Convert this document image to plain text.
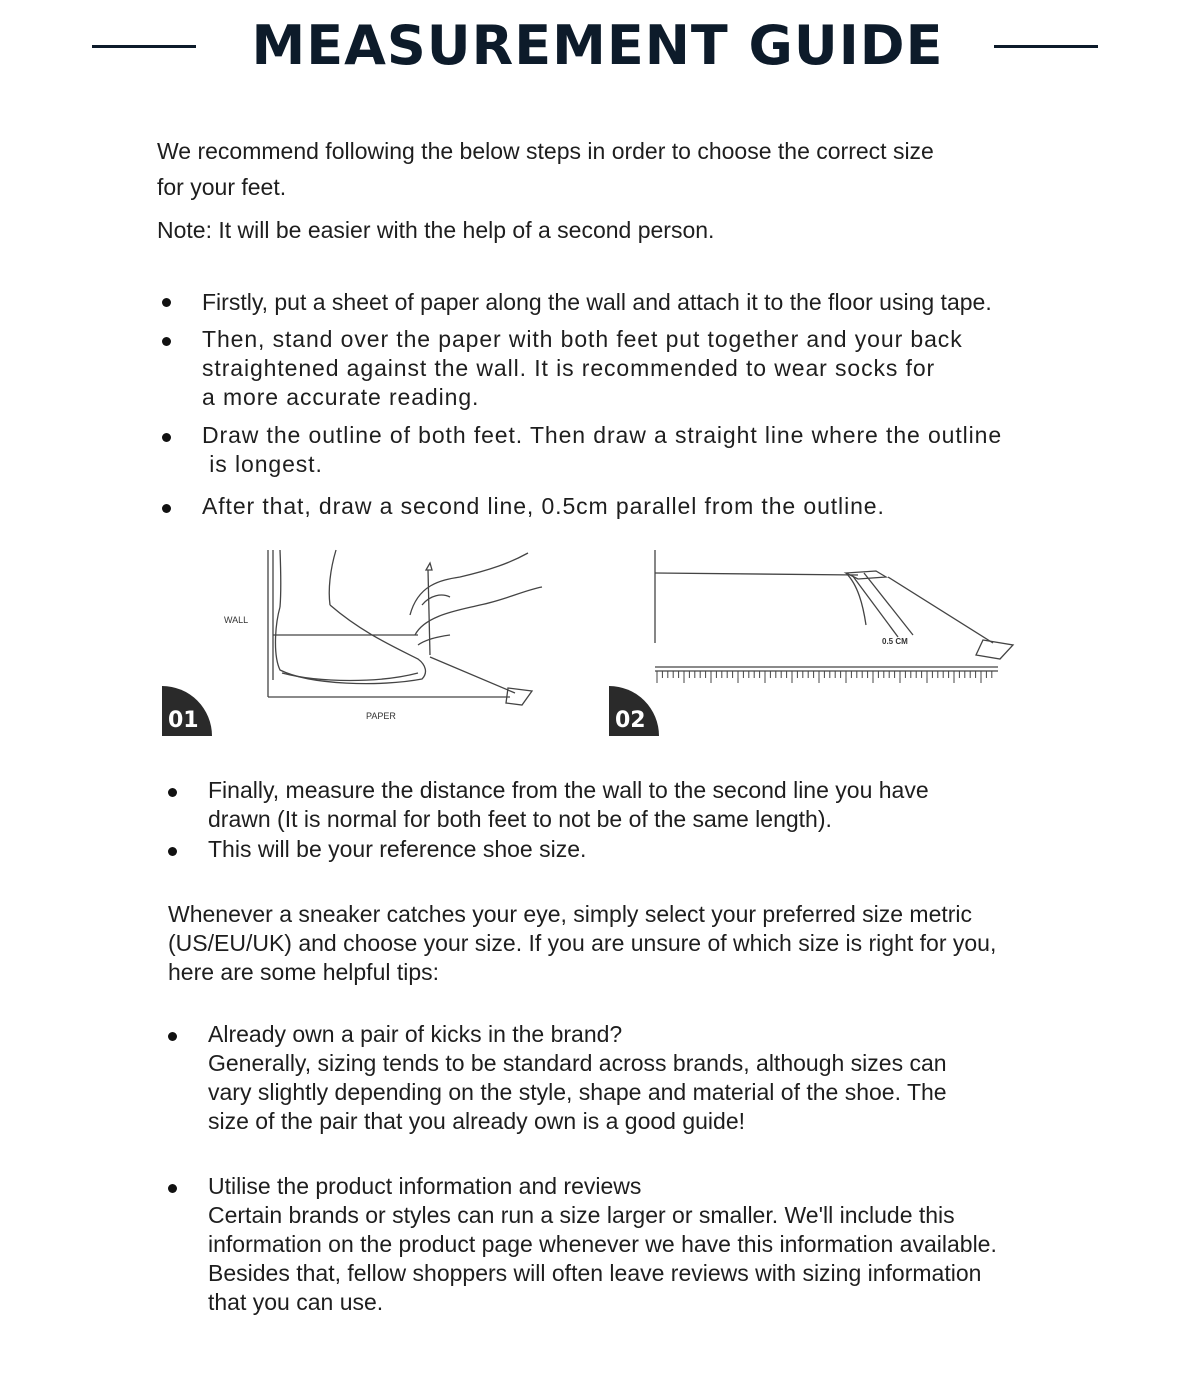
MEASUREMENT GUIDE

We recommend following the below steps in order to choose the correct size

for your feet.

Note: It will be easier with the help of a second person.

Firstly, put a sheet of paper along the wall and attach it to the floor using tape.
Then, stand over the paper with both feet put together and your back
straightened against the wall. It is recommended to wear socks for
a more accurate reading.
Draw the outline of both feet. Then draw a straight line where the outline
is longest.
After that, draw a second line, 0.5cm parallel from the outline.
WALL
PAPER
01
0.5 CM
02
Finally, measure the distance from the wall to the second line you have
drawn (It is normal for both feet to not be of the same length).
This will be your reference shoe size.
Whenever a sneaker catches your eye, simply select your preferred size metric
(US/EU/UK) and choose your size. If you are unsure of which size is right for you,
here are some helpful tips:
Already own a pair of kicks in the brand?
Generally, sizing tends to be standard across brands, although sizes can
vary slightly depending on the style, shape and material of the shoe. The
size of the pair that you already own is a good guide!
Utilise the product information and reviews
Certain brands or styles can run a size larger or smaller. We'll include this
information on the product page whenever we have this information available.
Besides that, fellow shoppers will often leave reviews with sizing information
that you can use.
